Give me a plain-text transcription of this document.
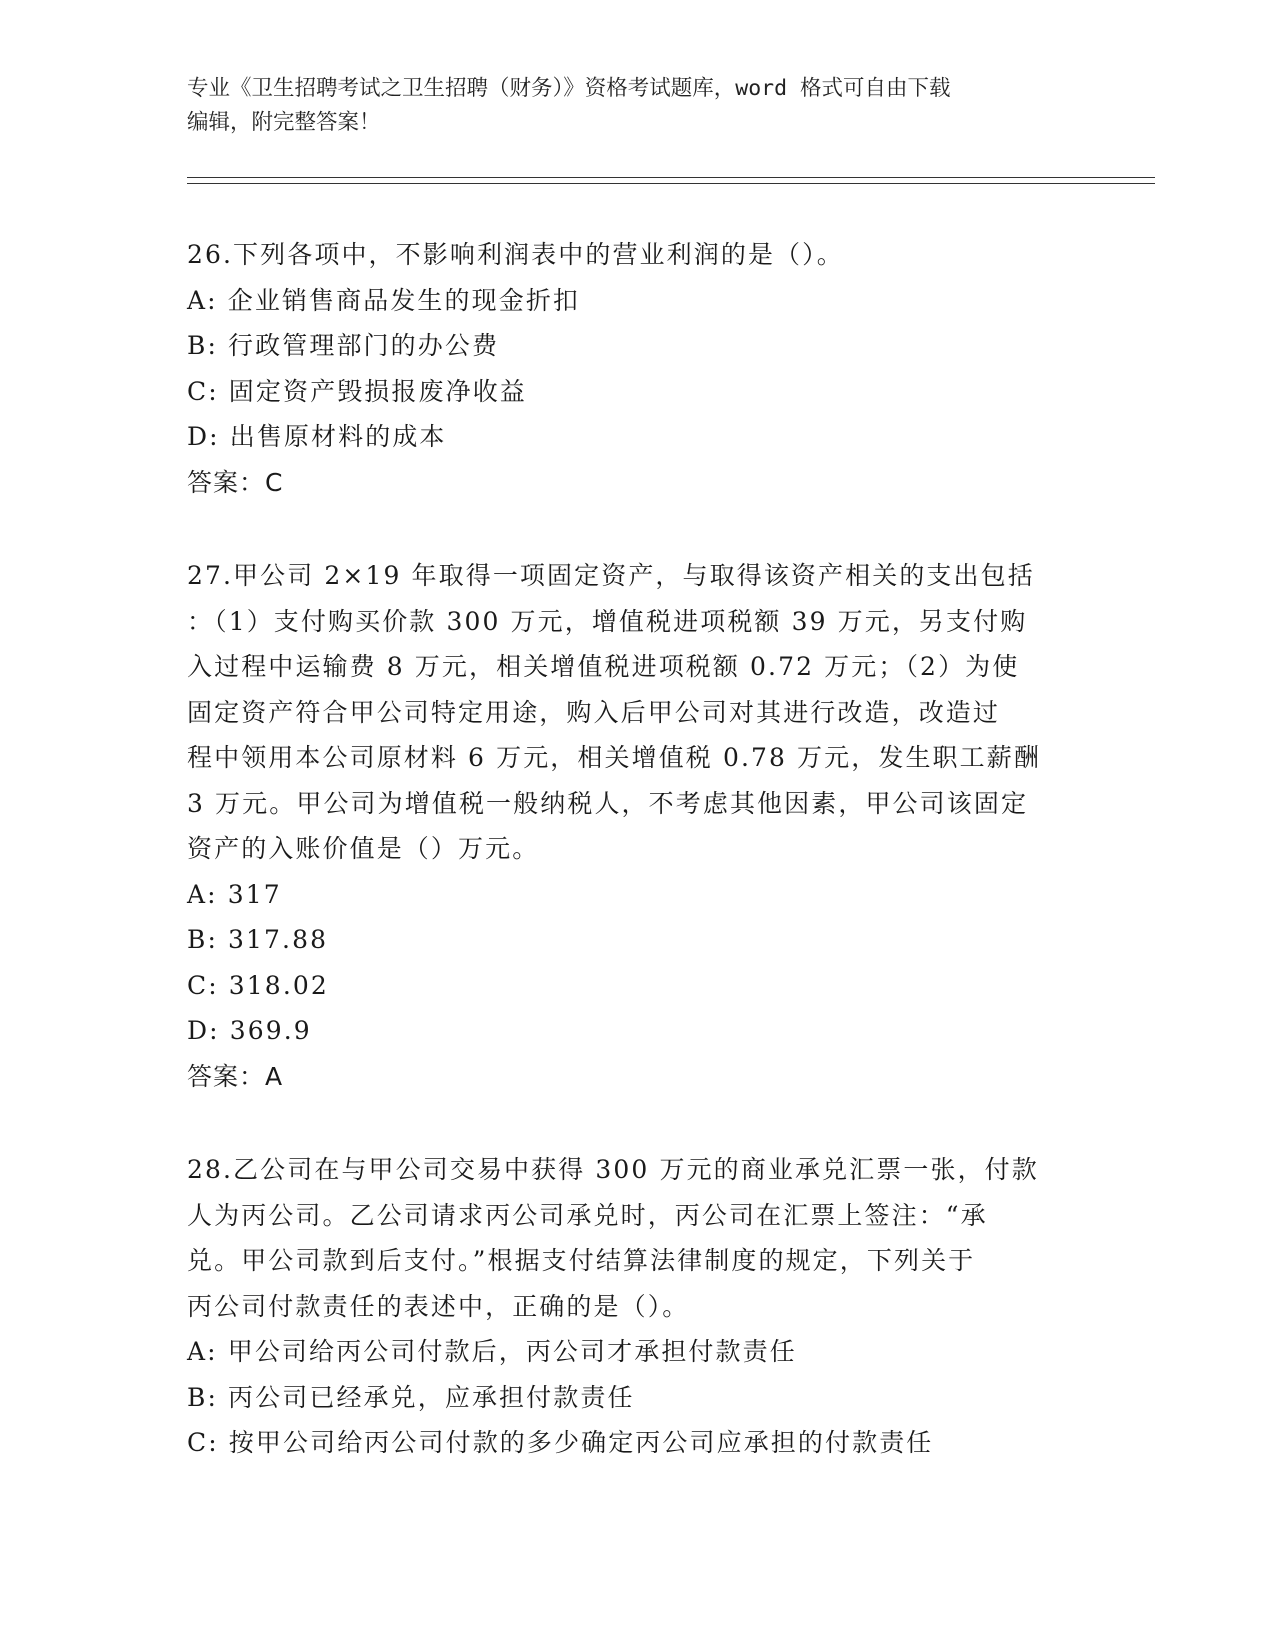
专业《卫生招聘考试之卫生招聘（财务）》资格考试题库，word 格式可自由下载
编辑，附完整答案！

26.下列各项中，不影响利润表中的营业利润的是（）。

A: 企业销售商品发生的现金折扣

B: 行政管理部门的办公费

C: 固定资产毁损报废净收益

D: 出售原材料的成本

答案：C

27.甲公司 2×19 年取得一项固定资产，与取得该资产相关的支出包括

：（1）支付购买价款 300 万元，增值税进项税额 39 万元，另支付购

入过程中运输费 8 万元，相关增值税进项税额 0.72 万元；（2）为使

固定资产符合甲公司特定用途，购入后甲公司对其进行改造，改造过

程中领用本公司原材料 6 万元，相关增值税 0.78 万元，发生职工薪酬

3 万元。甲公司为增值税一般纳税人，不考虑其他因素，甲公司该固定

资产的入账价值是（）万元。

A: 317

B: 317.88

C: 318.02

D: 369.9

答案：A

28.乙公司在与甲公司交易中获得 300 万元的商业承兑汇票一张，付款

人为丙公司。乙公司请求丙公司承兑时，丙公司在汇票上签注：“承

兑。甲公司款到后支付。”根据支付结算法律制度的规定，下列关于

丙公司付款责任的表述中，正确的是（）。

A: 甲公司给丙公司付款后，丙公司才承担付款责任

B: 丙公司已经承兑，应承担付款责任

C: 按甲公司给丙公司付款的多少确定丙公司应承担的付款责任
